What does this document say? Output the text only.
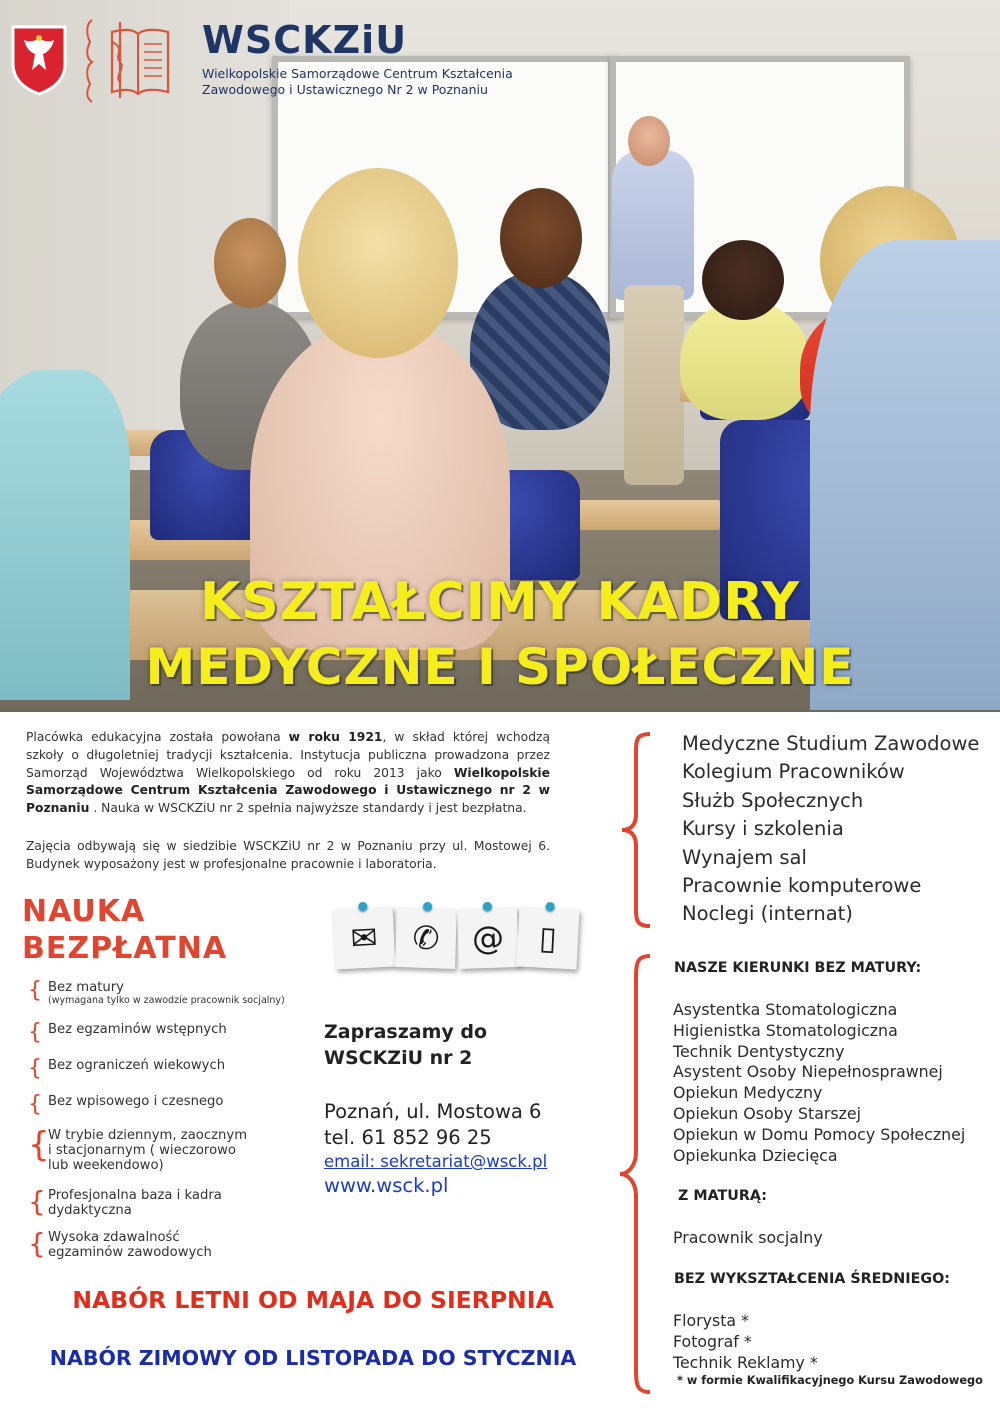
WSCKZiU
Wielkopolskie Samorządowe Centrum Kształcenia
Zawodowego i Ustawicznego Nr 2 w Poznaniu
KSZTAŁCIMY KADRY
MEDYCZNE I SPOŁECZNE

Placówka edukacyjna została powołana w roku 1921, w skład której wchodzą szkoły o długoletniej tradycji kształcenia. Instytucja publiczna prowadzona przez Samorząd Województwa Wielkopolskiego od roku 2013 jako Wielkopolskie Samorządowe Centrum Kształcenia Zawodowego i Ustawicznego nr 2 w Poznaniu . Nauka w WSCKZiU nr 2 spełnia najwyższe standardy i jest bezpłatna.

Zajęcia odbywają się w siedzibie WSCKZiU nr 2 w Poznaniu przy ul. Mostowej 6. Budynek wyposażony jest w profesjonalne pracownie i laboratoria.

NAUKA
BEZPŁATNA
{ Bez matury
(wymagana tylko w zawodzie pracownik socjalny)
{ Bez egzaminów wstępnych
{ Bez ograniczeń wiekowych
{ Bez wpisowego i czesnego
{
W trybie dziennym, zaocznym
i stacjonarnym ( wieczorowo
lub weekendowo)
{ Profesjonalna baza i kadra
dydaktyczna
{ Wysoka zdawalność
egzaminów zawodowych
✉ ✆ @ ▯
Zapraszamy do
WSCKZiU nr 2
Poznań, ul. Mostowa 6
tel. 61 852 96 25
email: sekretariat@wsck.pl
www.wsck.pl
NABÓR LETNI OD MAJA DO SIERPNIA
NABÓR ZIMOWY OD LISTOPADA DO STYCZNIA
Medyczne Studium Zawodowe
Kolegium Pracowników
Służb Społecznych
Kursy i szkolenia
Wynajem sal
Pracownie komputerowe
Noclegi (internat)
NASZE KIERUNKI BEZ MATURY:
Asystentka Stomatologiczna
Higienistka Stomatologiczna
Technik Dentystyczny
Asystent Osoby Niepełnosprawnej
Opiekun Medyczny
Opiekun Osoby Starszej
Opiekun w Domu Pomocy Społecznej
Opiekunka Dziecięca
Z MATURĄ:
Pracownik socjalny
BEZ WYKSZTAŁCENIA ŚREDNIEGO:
Florysta *
Fotograf *
Technik Reklamy *
* w formie Kwalifikacyjnego Kursu Zawodowego
